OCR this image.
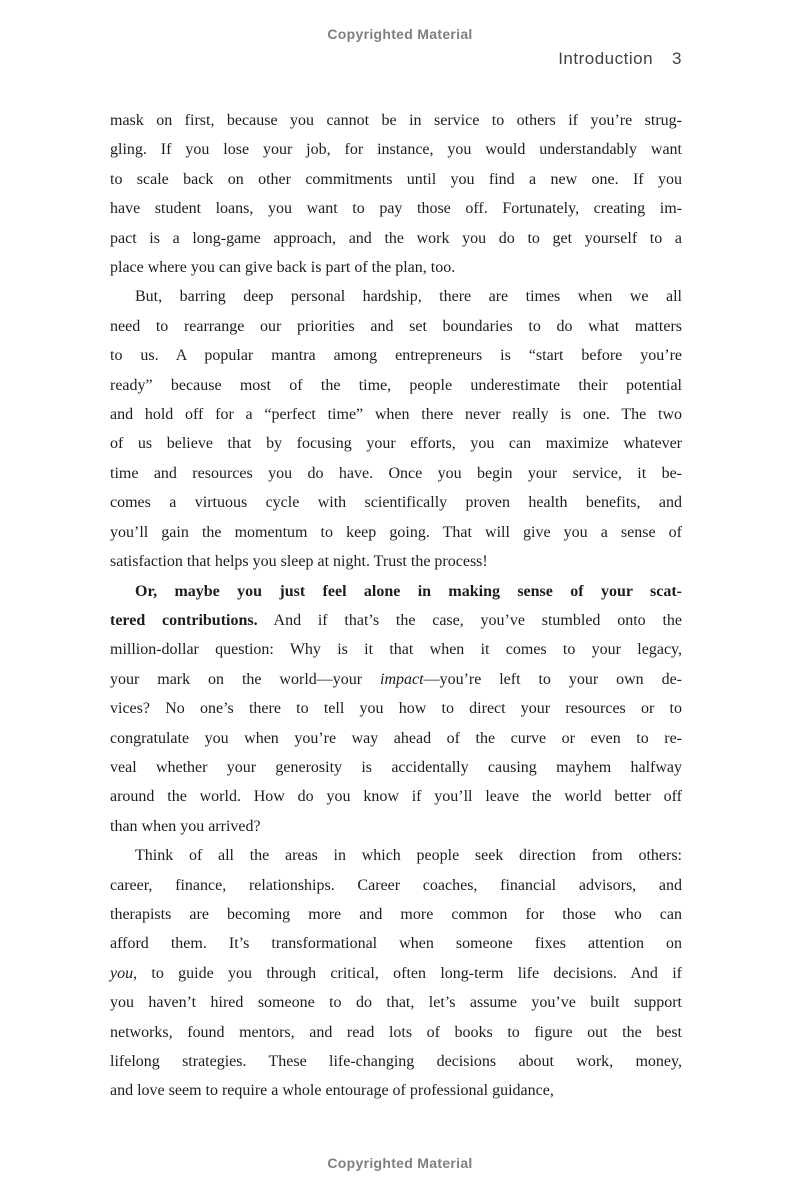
Copyrighted Material
Introduction 3
mask on first, because you cannot be in service to others if you’re strug-
gling. If you lose your job, for instance, you would understandably want
to scale back on other commitments until you find a new one. If you
have student loans, you want to pay those off. Fortunately, creating im-
pact is a long-game approach, and the work you do to get yourself to a
place where you can give back is part of the plan, too.
But, barring deep personal hardship, there are times when we all
need to rearrange our priorities and set boundaries to do what matters
to us. A popular mantra among entrepreneurs is “start before you’re
ready” because most of the time, people underestimate their potential
and hold off for a “perfect time” when there never really is one. The two
of us believe that by focusing your efforts, you can maximize whatever
time and resources you do have. Once you begin your service, it be-
comes a virtuous cycle with scientifically proven health benefits, and
you’ll gain the momentum to keep going. That will give you a sense of
satisfaction that helps you sleep at night. Trust the process!
Or, maybe you just feel alone in making sense of your scat-
tered contributions. And if that’s the case, you’ve stumbled onto the
million-dollar question: Why is it that when it comes to your legacy,
your mark on the world—your impact—you’re left to your own de-
vices? No one’s there to tell you how to direct your resources or to
congratulate you when you’re way ahead of the curve or even to re-
veal whether your generosity is accidentally causing mayhem halfway
around the world. How do you know if you’ll leave the world better off
than when you arrived?
Think of all the areas in which people seek direction from others:
career, finance, relationships. Career coaches, financial advisors, and
therapists are becoming more and more common for those who can
afford them. It’s transformational when someone fixes attention on
you, to guide you through critical, often long-term life decisions. And if
you haven’t hired someone to do that, let’s assume you’ve built support
networks, found mentors, and read lots of books to figure out the best
lifelong strategies. These life-changing decisions about work, money,
and love seem to require a whole entourage of professional guidance,
Copyrighted Material
